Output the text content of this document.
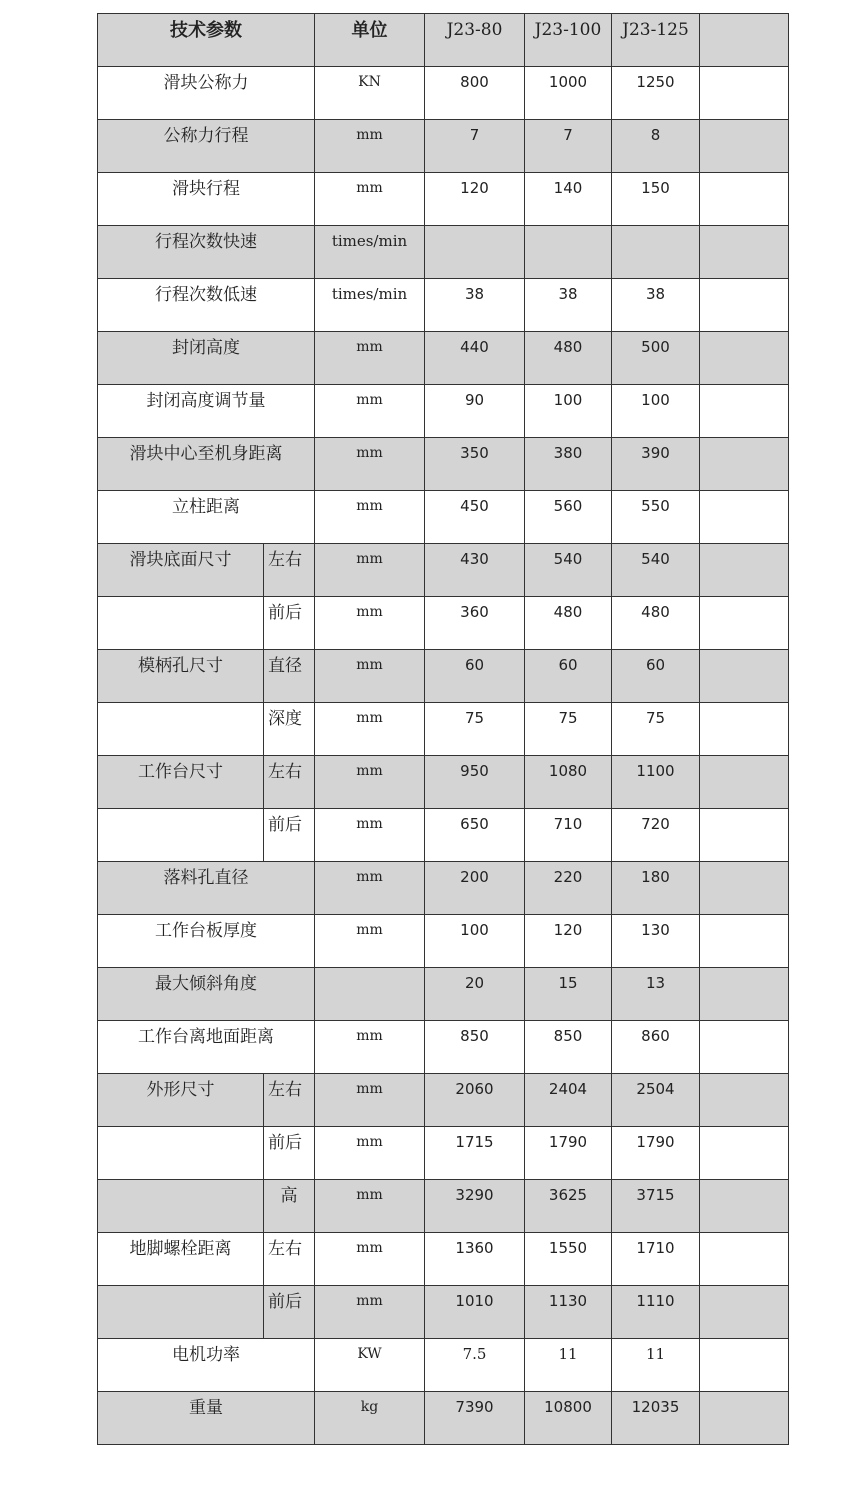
技术参数		单位	J23-80	J23-100	J23-125	

滑块公称力		KN	800	1000	1250	

公称力行程		mm	7	7	8	

滑块行程		mm	120	140	150	

行程次数快速		times/min				

行程次数低速		times/min	38	38	38	

封闭高度		mm	440	480	500	

封闭高度调节量		mm	90	100	100	

滑块中心至机身距离		mm	350	380	390	

立柱距离		mm	450	560	550	

滑块底面尺寸	左右	mm	430	540	540	

	前后	mm	360	480	480	

模柄孔尺寸	直径	mm	60	60	60	

	深度	mm	75	75	75	

工作台尺寸	左右	mm	950	1080	1100	

	前后	mm	650	710	720	

落料孔直径		mm	200	220	180	

工作台板厚度		mm	100	120	130	

最大倾斜角度			20	15	13	

工作台离地面距离		mm	850	850	860	

外形尺寸	左右	mm	2060	2404	2504	

	前后	mm	1715	1790	1790	

	高	mm	3290	3625	3715	

地脚螺栓距离	左右	mm	1360	1550	1710	

	前后	mm	1010	1130	1110	

电机功率		KW	7.5	11	11	

重量		kg	7390	10800	12035	
